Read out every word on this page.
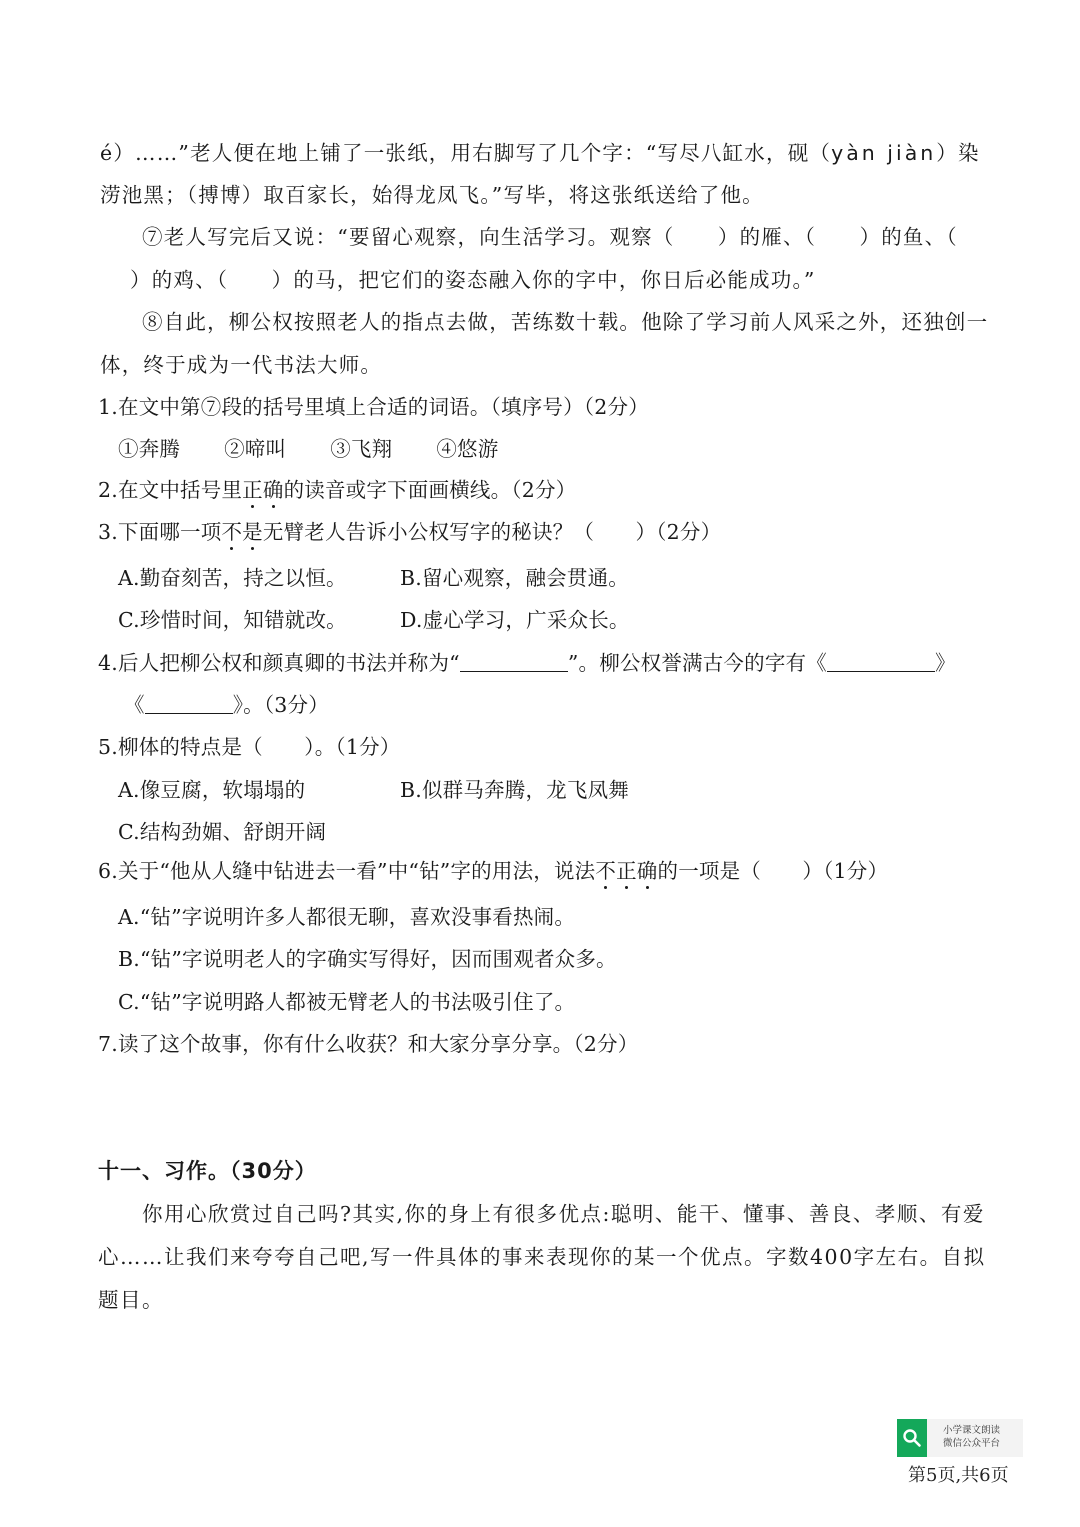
é）……”老人便在地上铺了一张纸，用右脚写了几个字：“写尽八缸水，砚（yàn jiàn）染
涝池黑；（搏博）取百家长，始得龙凤飞。”写毕，将这张纸送给了他。
⑦老人写完后又说：“要留心观察，向生活学习。观察（　　）的雁、（　　）的鱼、（
）的鸡、（　　）的马，把它们的姿态融入你的字中，你日后必能成功。”
⑧自此，柳公权按照老人的指点去做，苦练数十载。他除了学习前人风采之外，还独创一
体，终于成为一代书法大师。
1.在文中第⑦段的括号里填上合适的词语。（填序号）（2分）
①奔腾 ②啼叫 ③飞翔 ④悠游
2.在文中括号里正确的读音或字下面画横线。（2分）
3.下面哪一项不是无臂老人告诉小公权写字的秘诀？（　　）（2分）
A.勤奋刻苦，持之以恒。	B.留心观察，融会贯通。
C.珍惜时间，知错就改。	D.虚心学习，广采众长。
4.后人把柳公权和颜真卿的书法并称为“	”。柳公权誉满古今的字有《	》
《	》。（3分）
5.柳体的特点是（　　）。（1分）
A.像豆腐，软塌塌的	B.似群马奔腾，龙飞凤舞
C.结构劲媚、舒朗开阔
6.关于“他从人缝中钻进去一看”中“钻”字的用法，说法不正确的一项是（　　）（1分）
A.“钻”字说明许多人都很无聊，喜欢没事看热闹。
B.“钻”字说明老人的字确实写得好，因而围观者众多。
C.“钻”字说明路人都被无臂老人的书法吸引住了。
7.读了这个故事，你有什么收获？和大家分享分享。（2分）
十一、习作。（30分）
你用心欣赏过自己吗?其实,你的身上有很多优点:聪明、能干、懂事、善良、孝顺、有爱
心……让我们来夸夸自己吧,写一件具体的事来表现你的某一个优点。字数400字左右。自拟
题目。
小学课文朗读
微信公众平台
第5页,共6页
